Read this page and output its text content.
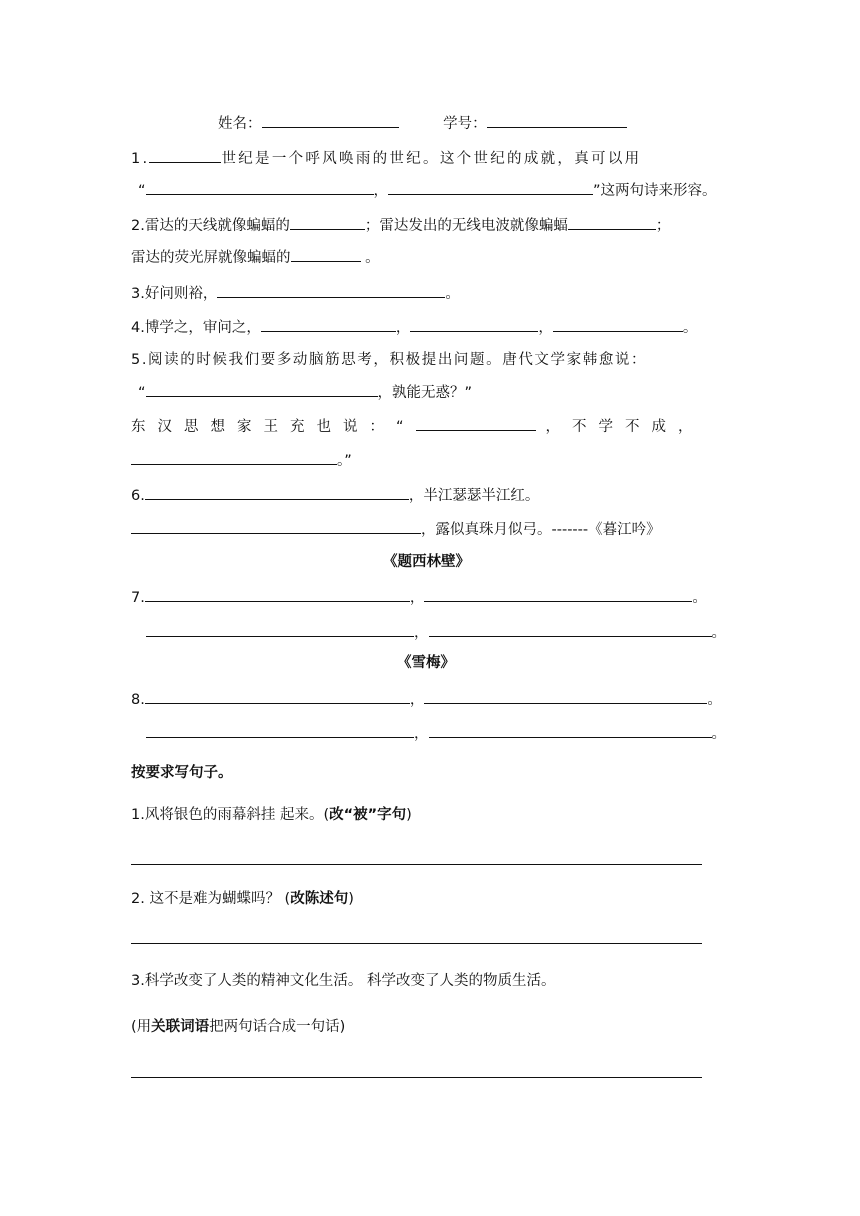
姓名：	学号：
1.	世纪是一个呼风唤雨的世纪。这个世纪的成就，真可以用
“	，	”这两句诗来形容。
2.雷达的天线就像蝙蝠的	；雷达发出的无线电波就像蝙蝠	；
雷达的荧光屏就像蝙蝠的	。
3.好问则裕，	。
4.博学之，审问之，	，	，	。
5.阅读的时候我们要多动脑筋思考，积极提出问题。唐代文学家韩愈说：
“	，孰能无惑？”
东汉思想家王充也说：“	，不学不成，
。”
6.	，半江瑟瑟半江红。
，露似真珠月似弓。-------《暮江吟》
《题西林壁》
7.	，	。
，	。
《雪梅》
8.	，	。
，	。
按要求写句子。
1.风将银色的雨幕斜挂 起来。(改“被”字句)
2. 这不是难为蝴蝶吗？ (改陈述句)
3.科学改变了人类的精神文化生活。 科学改变了人类的物质生活。
(用关联词语把两句话合成一句话)
